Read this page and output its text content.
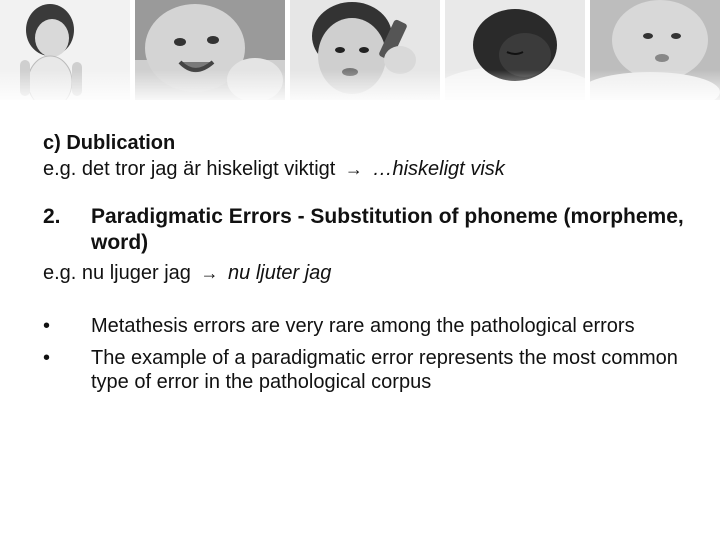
c) Dublication
e.g. det tror jag är hiskeligt viktigt → …hiskeligt visk
2.	Paradigmatic Errors - Substitution of phoneme (morpheme, word)
e.g. nu ljuger jag → nu ljuter jag
• Metathesis errors are very rare among the pathological errors
• The example of a paradigmatic error represents the most common type of error in the pathological corpus
